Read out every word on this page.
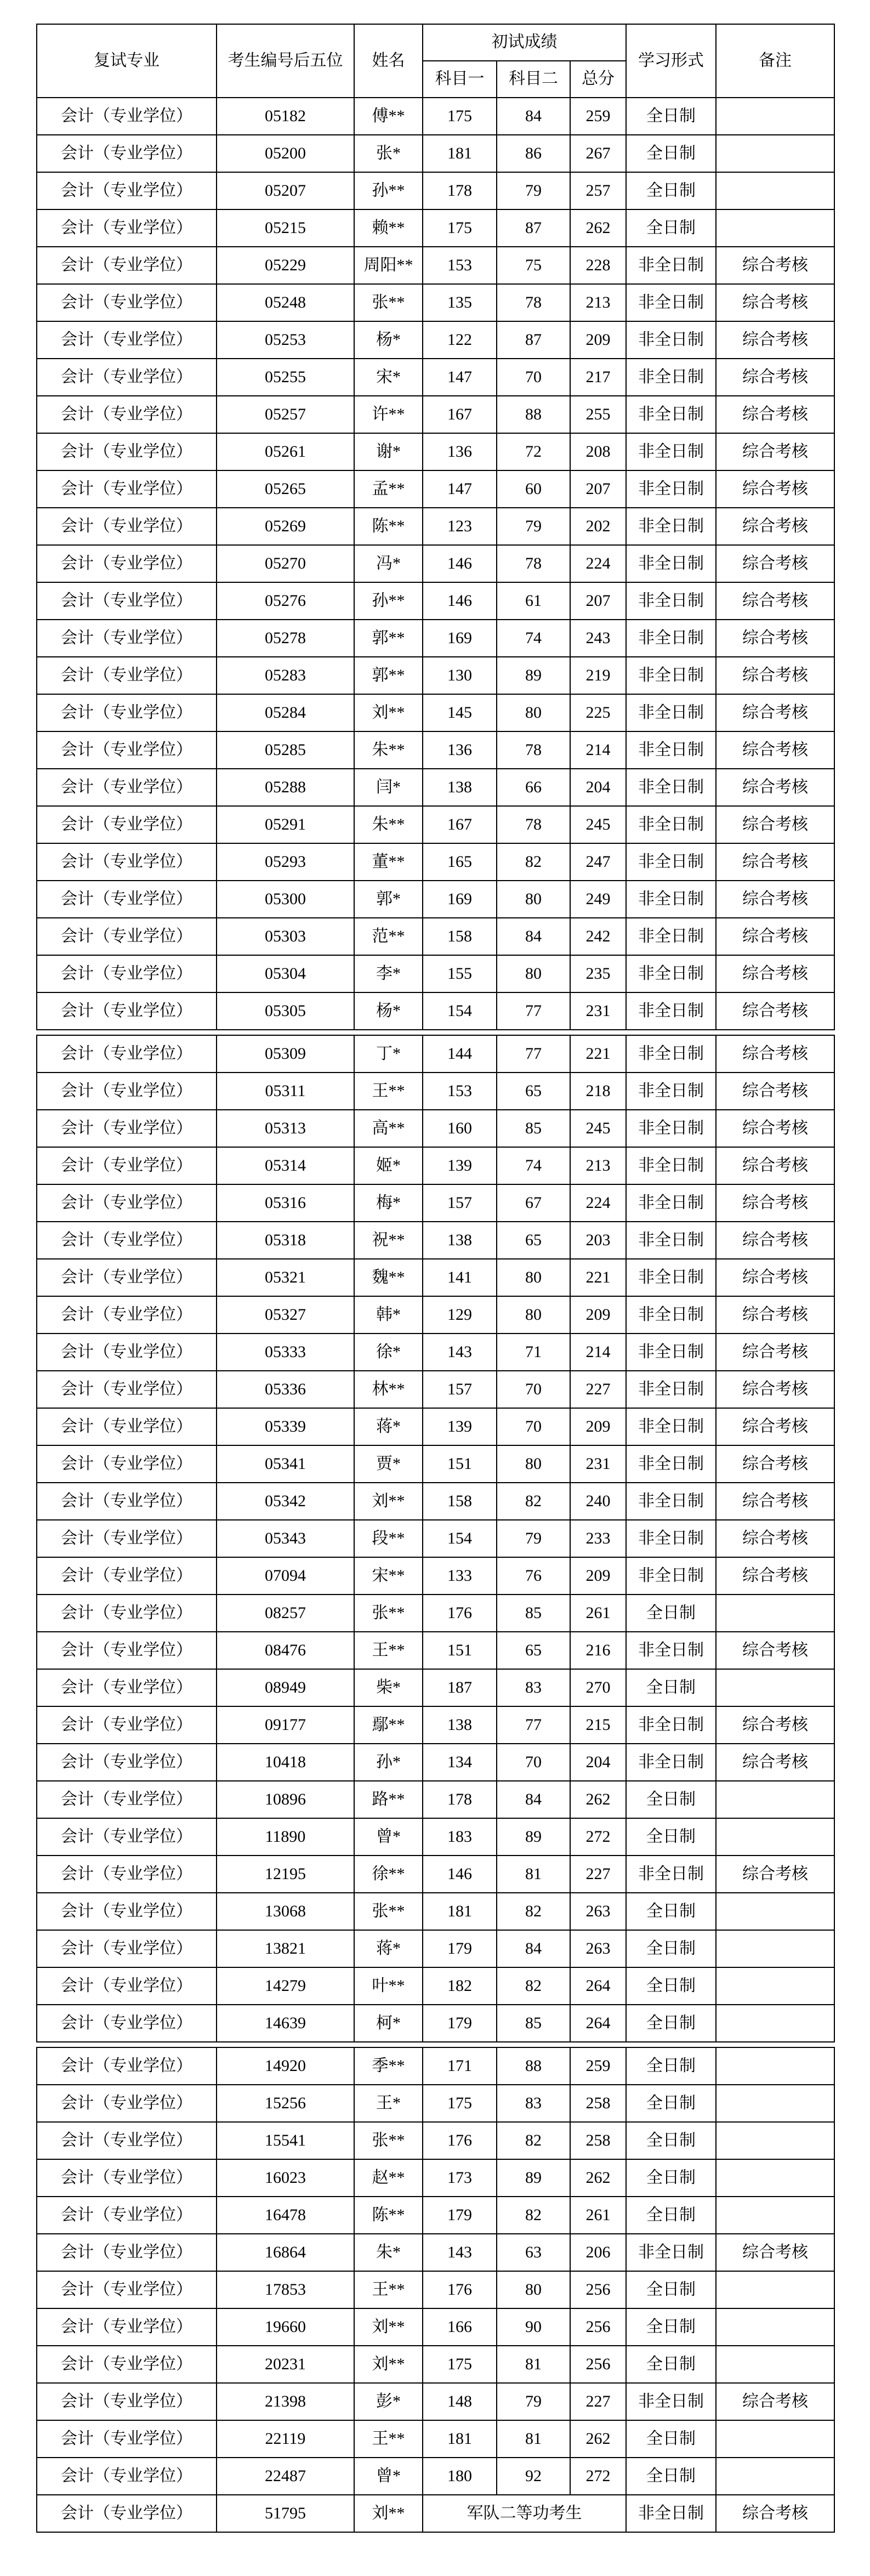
复试专业	考生编号后五位	姓名	初试成绩			学习形式	备注
			科目一	科目二	总分		
会计（专业学位）	05182	傅**	175	84	259	全日制	
会计（专业学位）	05200	张*	181	86	267	全日制	
会计（专业学位）	05207	孙**	178	79	257	全日制	
会计（专业学位）	05215	赖**	175	87	262	全日制	
会计（专业学位）	05229	周阳**	153	75	228	非全日制	综合考核
会计（专业学位）	05248	张**	135	78	213	非全日制	综合考核
会计（专业学位）	05253	杨*	122	87	209	非全日制	综合考核
会计（专业学位）	05255	宋*	147	70	217	非全日制	综合考核
会计（专业学位）	05257	许**	167	88	255	非全日制	综合考核
会计（专业学位）	05261	谢*	136	72	208	非全日制	综合考核
会计（专业学位）	05265	孟**	147	60	207	非全日制	综合考核
会计（专业学位）	05269	陈**	123	79	202	非全日制	综合考核
会计（专业学位）	05270	冯*	146	78	224	非全日制	综合考核
会计（专业学位）	05276	孙**	146	61	207	非全日制	综合考核
会计（专业学位）	05278	郭**	169	74	243	非全日制	综合考核
会计（专业学位）	05283	郭**	130	89	219	非全日制	综合考核
会计（专业学位）	05284	刘**	145	80	225	非全日制	综合考核
会计（专业学位）	05285	朱**	136	78	214	非全日制	综合考核
会计（专业学位）	05288	闫*	138	66	204	非全日制	综合考核
会计（专业学位）	05291	朱**	167	78	245	非全日制	综合考核
会计（专业学位）	05293	董**	165	82	247	非全日制	综合考核
会计（专业学位）	05300	郭*	169	80	249	非全日制	综合考核
会计（专业学位）	05303	范**	158	84	242	非全日制	综合考核
会计（专业学位）	05304	李*	155	80	235	非全日制	综合考核
会计（专业学位）	05305	杨*	154	77	231	非全日制	综合考核

会计（专业学位）	05309	丁*	144	77	221	非全日制	综合考核
会计（专业学位）	05311	王**	153	65	218	非全日制	综合考核
会计（专业学位）	05313	高**	160	85	245	非全日制	综合考核
会计（专业学位）	05314	姬*	139	74	213	非全日制	综合考核
会计（专业学位）	05316	梅*	157	67	224	非全日制	综合考核
会计（专业学位）	05318	祝**	138	65	203	非全日制	综合考核
会计（专业学位）	05321	魏**	141	80	221	非全日制	综合考核
会计（专业学位）	05327	韩*	129	80	209	非全日制	综合考核
会计（专业学位）	05333	徐*	143	71	214	非全日制	综合考核
会计（专业学位）	05336	林**	157	70	227	非全日制	综合考核
会计（专业学位）	05339	蒋*	139	70	209	非全日制	综合考核
会计（专业学位）	05341	贾*	151	80	231	非全日制	综合考核
会计（专业学位）	05342	刘**	158	82	240	非全日制	综合考核
会计（专业学位）	05343	段**	154	79	233	非全日制	综合考核
会计（专业学位）	07094	宋**	133	76	209	非全日制	综合考核
会计（专业学位）	08257	张**	176	85	261	全日制	
会计（专业学位）	08476	王**	151	65	216	非全日制	综合考核
会计（专业学位）	08949	柴*	187	83	270	全日制	
会计（专业学位）	09177	鄢**	138	77	215	非全日制	综合考核
会计（专业学位）	10418	孙*	134	70	204	非全日制	综合考核
会计（专业学位）	10896	路**	178	84	262	全日制	
会计（专业学位）	11890	曾*	183	89	272	全日制	
会计（专业学位）	12195	徐**	146	81	227	非全日制	综合考核
会计（专业学位）	13068	张**	181	82	263	全日制	
会计（专业学位）	13821	蒋*	179	84	263	全日制	
会计（专业学位）	14279	叶**	182	82	264	全日制	
会计（专业学位）	14639	柯*	179	85	264	全日制	

会计（专业学位）	14920	季**	171	88	259	全日制	
会计（专业学位）	15256	王*	175	83	258	全日制	
会计（专业学位）	15541	张**	176	82	258	全日制	
会计（专业学位）	16023	赵**	173	89	262	全日制	
会计（专业学位）	16478	陈**	179	82	261	全日制	
会计（专业学位）	16864	朱*	143	63	206	非全日制	综合考核
会计（专业学位）	17853	王**	176	80	256	全日制	
会计（专业学位）	19660	刘**	166	90	256	全日制	
会计（专业学位）	20231	刘**	175	81	256	全日制	
会计（专业学位）	21398	彭*	148	79	227	非全日制	综合考核
会计（专业学位）	22119	王**	181	81	262	全日制	
会计（专业学位）	22487	曾*	180	92	272	全日制	
会计（专业学位）	51795	刘**	军队二等功考生			非全日制	综合考核
